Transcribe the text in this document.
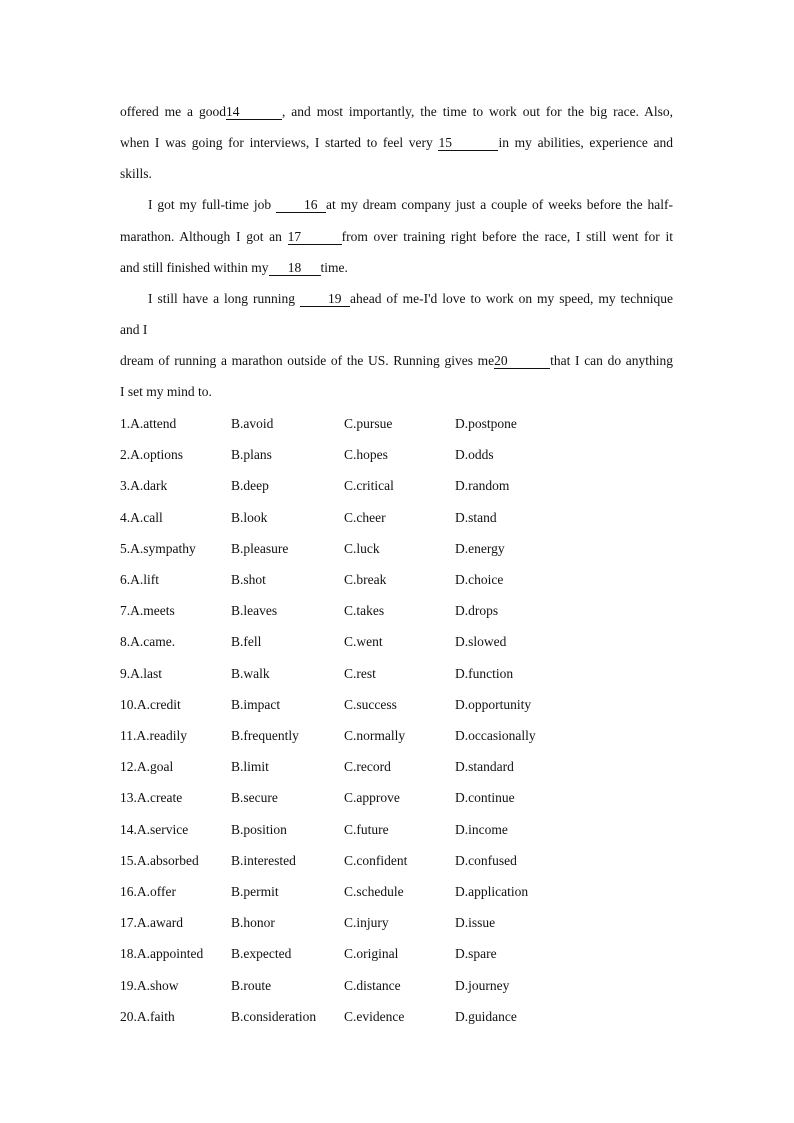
offered me a good14	, and most importantly, the time to work out for the big race. Also,
when I was going for interviews, I started to feel very 15	in my abilities, experience and
skills.
I got my full-time job 16 at my dream company just a couple of weeks before the half-
marathon. Although I got an 17	from over training right before the race, I still went for it
and still finished within my 18 time.
I still have a long running 19 ahead of me-I'd love to work on my speed, my technique
and I
dream of running a marathon outside of the US. Running gives me20	that I can do anything
I set my mind to.
1.A.attend	B.avoid	C.pursue	D.postpone
2.A.options	B.plans	C.hopes	D.odds
3.A.dark	B.deep	C.critical	D.random
4.A.call	B.look	C.cheer	D.stand
5.A.sympathy	B.pleasure	C.luck	D.energy
6.A.lift	B.shot	C.break	D.choice
7.A.meets	B.leaves	C.takes	D.drops
8.A.came.	B.fell	C.went	D.slowed
9.A.last	B.walk	C.rest	D.function
10.A.credit	B.impact	C.success	D.opportunity
11.A.readily	B.frequently	C.normally	D.occasionally
12.A.goal	B.limit	C.record	D.standard
13.A.create	B.secure	C.approve	D.continue
14.A.service	B.position	C.future	D.income
15.A.absorbed B.interested	C.confident	D.confused
16.A.offer	B.permit	C.schedule	D.application
17.A.award	B.honor	C.injury	D.issue
18.A.appointed B.expected	C.original	D.spare
19.A.show	B.route	C.distance	D.journey
20.A.faith	B.consideration C.evidence	D.guidance
